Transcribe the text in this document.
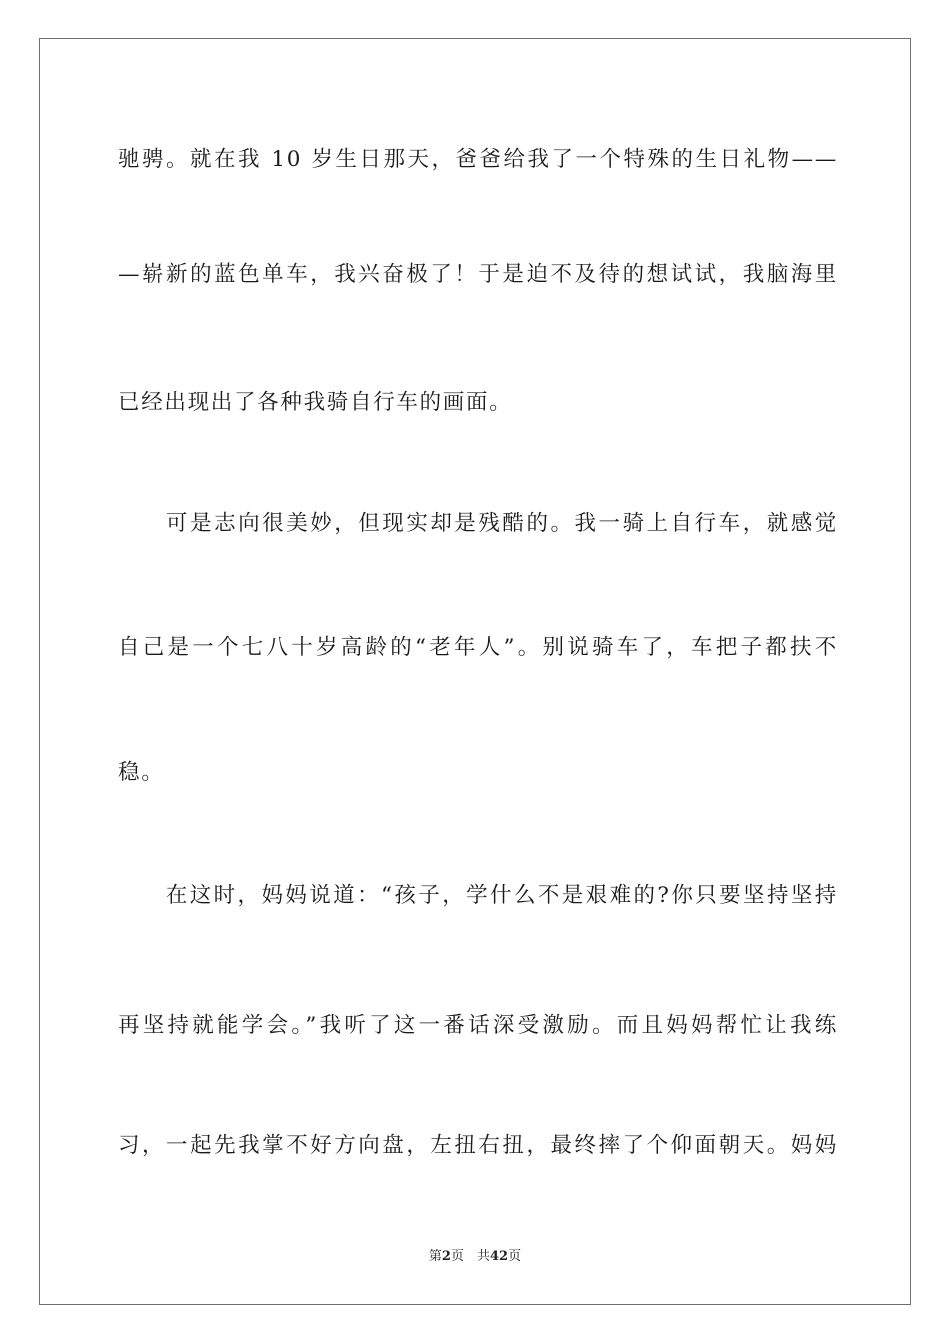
驰骋。就在我 10 岁生日那天，爸爸给我了一个特殊的生日礼物——
—崭新的蓝色单车，我兴奋极了！于是迫不及待的想试试，我脑海里
已经出现出了各种我骑自行车的画面。
　　可是志向很美妙，但现实却是残酷的。我一骑上自行车，就感觉
自己是一个七八十岁高龄的“老年人”。别说骑车了，车把子都扶不
稳。
　　在这时，妈妈说道：“孩子，学什么不是艰难的?你只要坚持坚持
再坚持就能学会。”我听了这一番话深受激励。而且妈妈帮忙让我练
习，一起先我掌不好方向盘，左扭右扭，最终摔了个仰面朝天。妈妈
第2页　共42页
